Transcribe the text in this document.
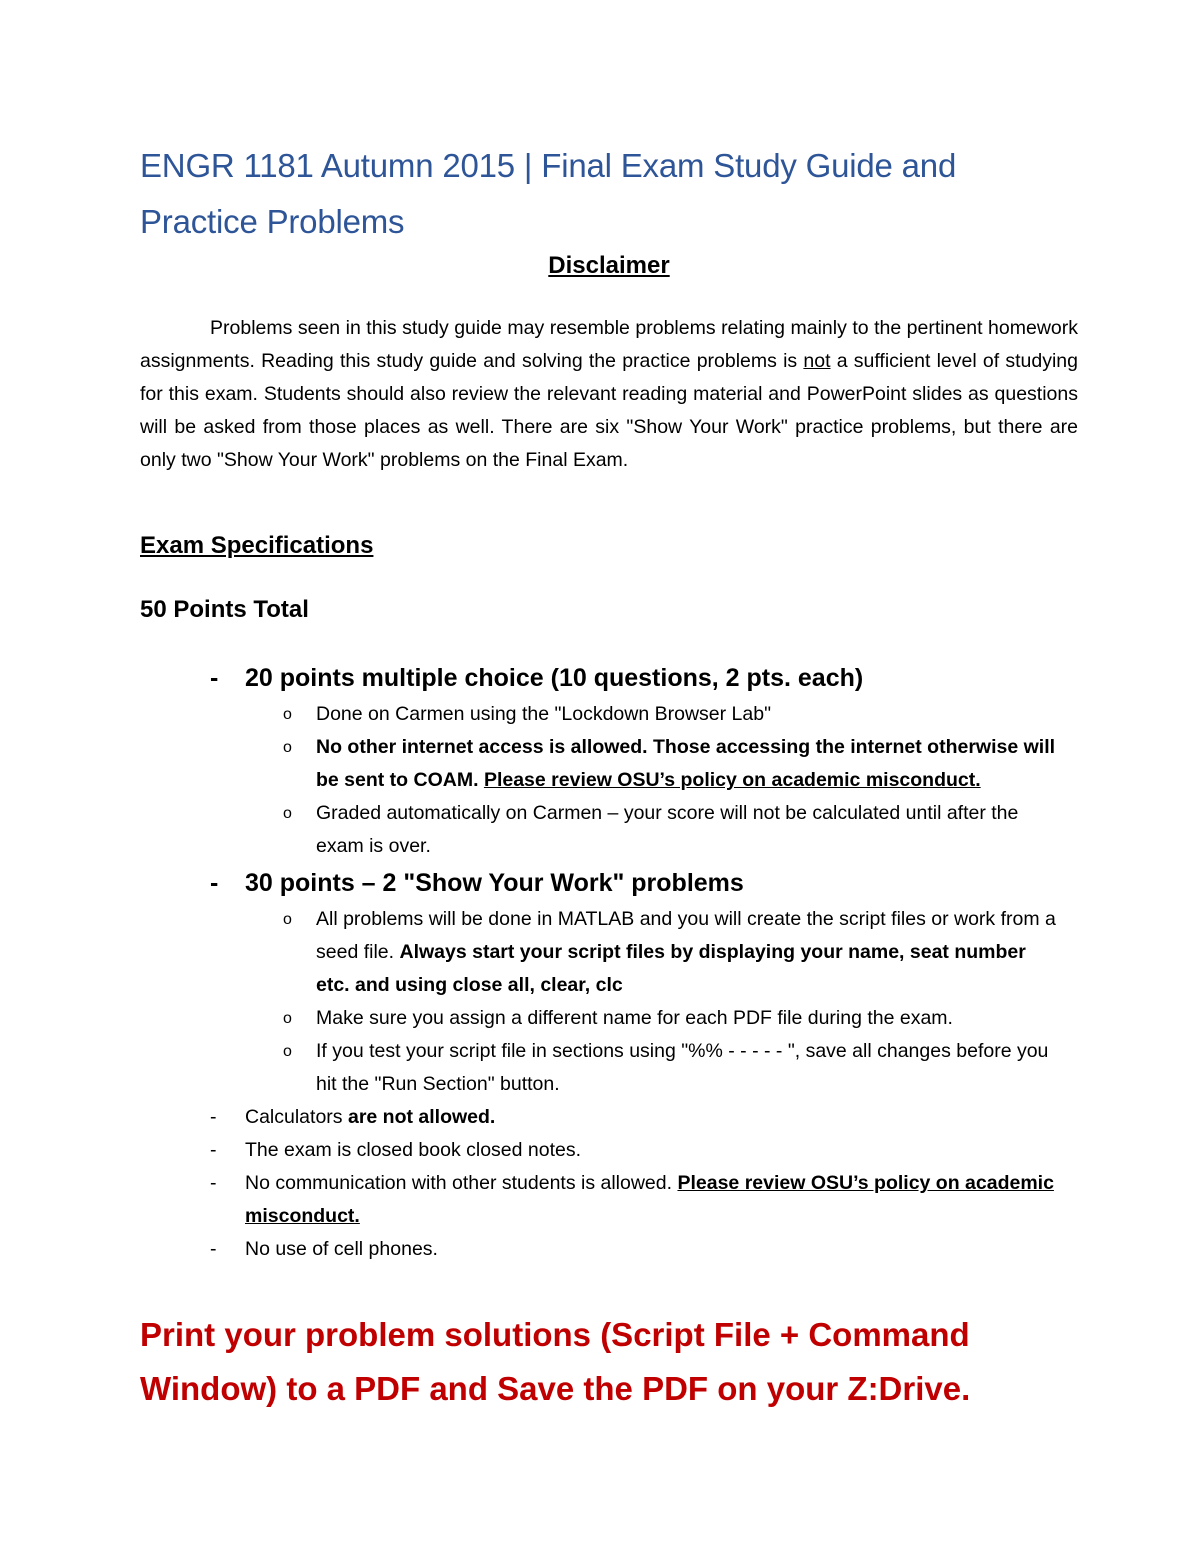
ENGR 1181 Autumn 2015 | Final Exam Study Guide and Practice Problems
Disclaimer

Problems seen in this study guide may resemble problems relating mainly to the pertinent homework assignments. Reading this study guide and solving the practice problems is not a sufficient level of studying for this exam. Students should also review the relevant reading material and PowerPoint slides as questions will be asked from those places as well. There are six "Show Your Work" practice problems, but there are only two "Show Your Work" problems on the Final Exam.

Exam Specifications
50 Points Total
- 20 points multiple choice (10 questions, 2 pts. each)
o Done on Carmen using the "Lockdown Browser Lab"
o No other internet access is allowed. Those accessing the internet otherwise will be sent to COAM. Please review OSU’s policy on academic misconduct.
o Graded automatically on Carmen – your score will not be calculated until after the exam is over.
- 30 points – 2 "Show Your Work" problems
o All problems will be done in MATLAB and you will create the script files or work from a seed file. Always start your script files by displaying your name, seat number etc. and using close all, clear, clc
o Make sure you assign a different name for each PDF file during the exam.
o If you test your script file in sections using "%% - - - - - ", save all changes before you hit the "Run Section" button.
- Calculators are not allowed.
- The exam is closed book closed notes.
- No communication with other students is allowed. Please review OSU’s policy on academic misconduct.
- No use of cell phones.

Print your problem solutions (Script File + Command Window) to a PDF and Save the PDF on your Z:Drive.
